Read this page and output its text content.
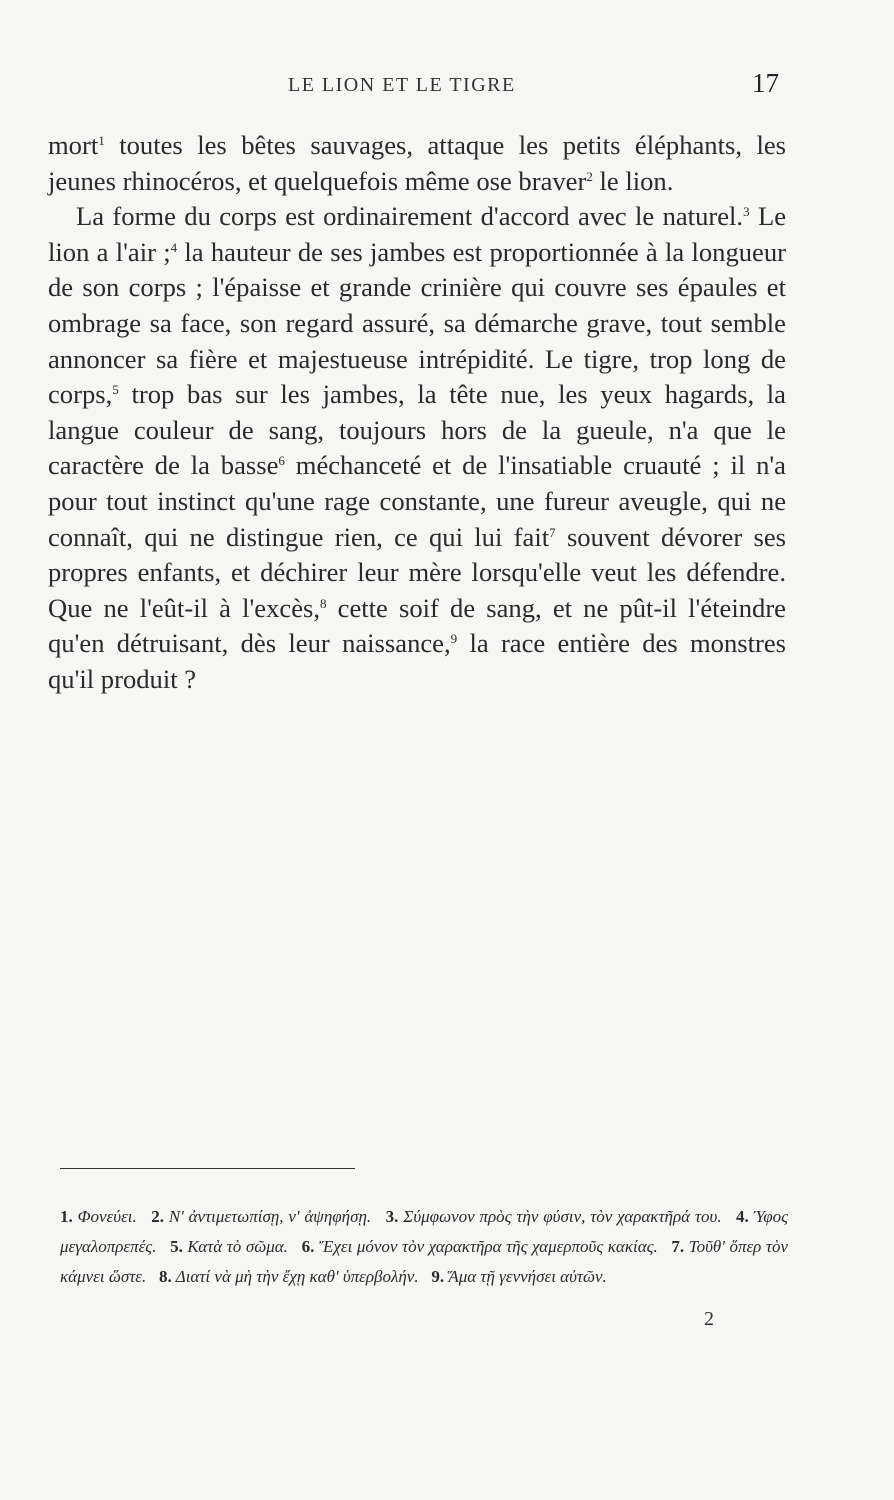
LE LION ET LE TIGRE	17

mort$^1$ toutes les bêtes sauvages, attaque les petits éléphants, les jeunes rhinocéros, et quelquefois même ose braver$^2$ le lion.

La forme du corps est ordinairement d'accord avec le naturel.$^3$ Le lion a l'air ;$^4$ la hauteur de ses jambes est proportionnée à la longueur de son corps ; l'épaisse et grande crinière qui couvre ses épaules et ombrage sa face, son regard assuré, sa démarche grave, tout semble annoncer sa fière et majestueuse intrépidité. Le tigre, trop long de corps,$^5$ trop bas sur les jambes, la tête nue, les yeux hagards, la langue couleur de sang, toujours hors de la gueule, n'a que le caractère de la basse$^6$ méchanceté et de l'insatiable cruauté ; il n'a pour tout instinct qu'une rage constante, une fureur aveugle, qui ne connaît, qui ne distingue rien, ce qui lui fait$^7$ souvent dévorer ses propres enfants, et déchirer leur mère lorsqu'elle veut les défendre. Que ne l'eût-il à l'excès,$^8$ cette soif de sang, et ne pût-il l'éteindre qu'en détruisant, dès leur naissance,$^9$ la race entière des monstres qu'il produit ?

1. Φονεύει. 2. Ν' ἀντιμετωπίσῃ, ν' ἀψηφήσῃ. 3. Σύμφωνον πρὸς τὴν φύσιν, τὸν χαρακτῆρά του. 4. Ύφος μεγαλοπρεπές. 5. Κατὰ τὸ σῶμα. 6. Ἔχει μόνον τὸν χαρακτῆρα τῆς χαμερποῦς κακίας. 7. Τοῦθ' ὅπερ τὸν κάμνει ὥστε. 8. Διατί νὰ μὴ τὴν ἔχῃ καθ' ὑπερβολήν. 9. Ἅμα τῇ γεννήσει αὐτῶν.
2
